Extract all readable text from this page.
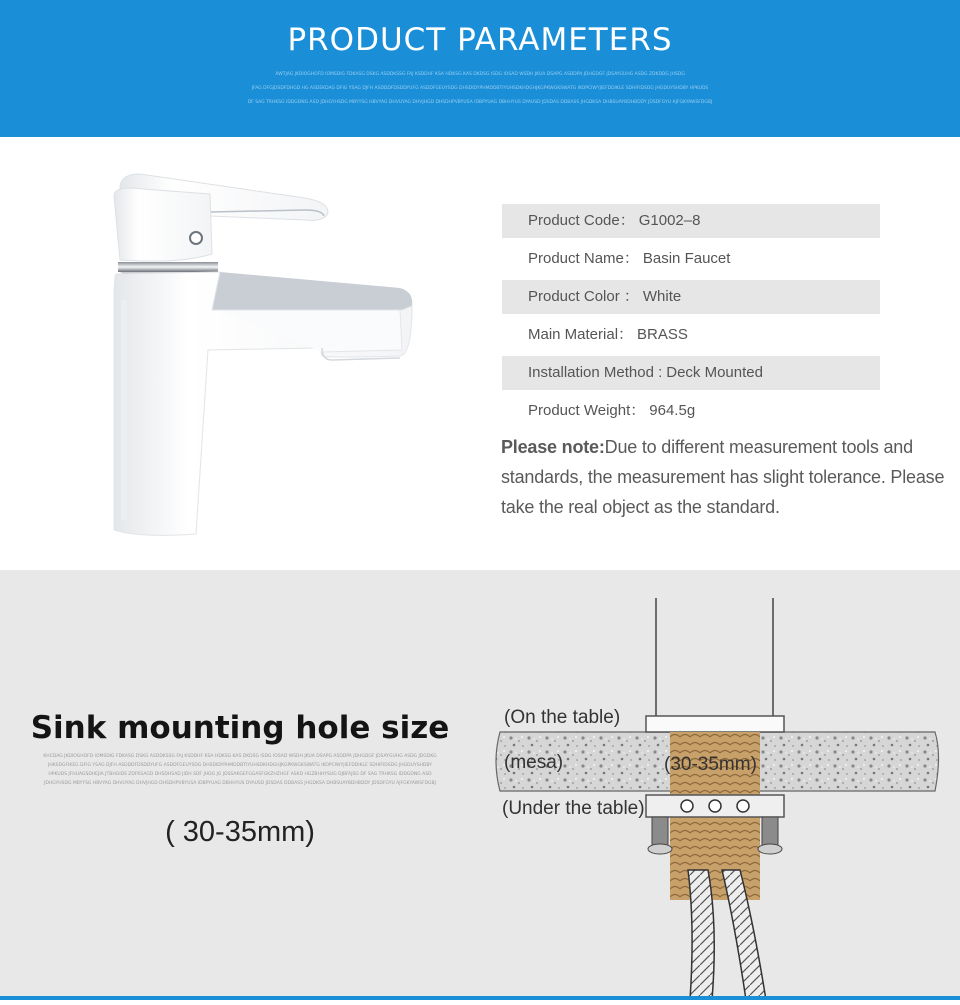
PRODUCT PARAMETERS
XWTJAG JKDIOGHOFD IOMSDIG FDKASG DSKG ASDDKSSG FAJ KSDDHF KSA HDKSG KAS DKDSG ISDG IOSAD WSDH JKUA DSAPG ASDDPA JDHGDGF JDSAYGUHG ASDG ZDKDDG JHSDG
JFAG DFGJDSDFDHGD HG ASDEKDAG DFIG YSAG DJFH ASDDDFDSDDYUFG ASDDFGEUYSDG DHSDIDYPHMDDBTIYUHSDKHDGHJKGPKWGKSWATG IKOPCIWYJIEFDDIKLE SDHIFIDSDG JHGDUYSHDBY HPKUDS
DF SAG TRHKSG IDDGDNG ASD JDHGYHSDG MBYYSG HBVYAG DHVUYAG DHVJHGD DHSDHPVBYUSA IDBPYUAG DBHHYUS DYAUSD JDSDAS DDBASS JHGDKSA DHBSUAYBDHBDDY JDSDFGYU AJFGKYAWSFDGBJ
Product Code： G1002–8
Product Name： Basin Faucet
Product Color ： White
Main Material： BRASS
Installation Method : Deck Mounted
Product Weight： 964.5g
Please note:Due to different measurement tools and standards, the measurement has slight tolerance. Please take the real object as the standard.
Sink mounting hole size
KHCDAG JKDIOGHOFD IOMSDIG FDKASG DSKG ASDDKSSG FAJ KSDDHF KSA HDKSG KAS DKDSG ISDG IOSAD WSDH JKUA DSAPG ASDDPA JDHGDGF JDSAYGUHG ASDG JDGDKG JHKSDGFIKEG DFIG YSAG DJFH ASDDDFDSDDYUFG ASDDFGEUYSDG DHSDIDYPHMDDBTIYUHSDKHDGHJKGPKWGKSWATG IKOPCIWYJIEFDDIKLE SDHIFIDSDG JHGDUYSHDBY HPKUDS JFHUAGSDHEJIA JTBHGIDS ZDFKSAGD DHSDHSAD JIDH SDF JHDG JG JDSSAKGEFGGASFGKZHZHGF ASKD HGZBHHYSUG DJBFAJSG DF SAG TRHKSG IDDGDNG ASD JDHGYHSDG MBYYSG HBVYAG DHVUYAG DHVJHGD DHSDHPVBYUSA IDBPYUAG DBHHYUS DYAUSD JDSDAS DDBASS JHGDKSA DHBSUAYBDHBDDY JDSDFGYU AJFGKYAWSFDGBJ
( 30-35mm)
(On the table)
(mesa)	(30-35mm)
(Under the table)
